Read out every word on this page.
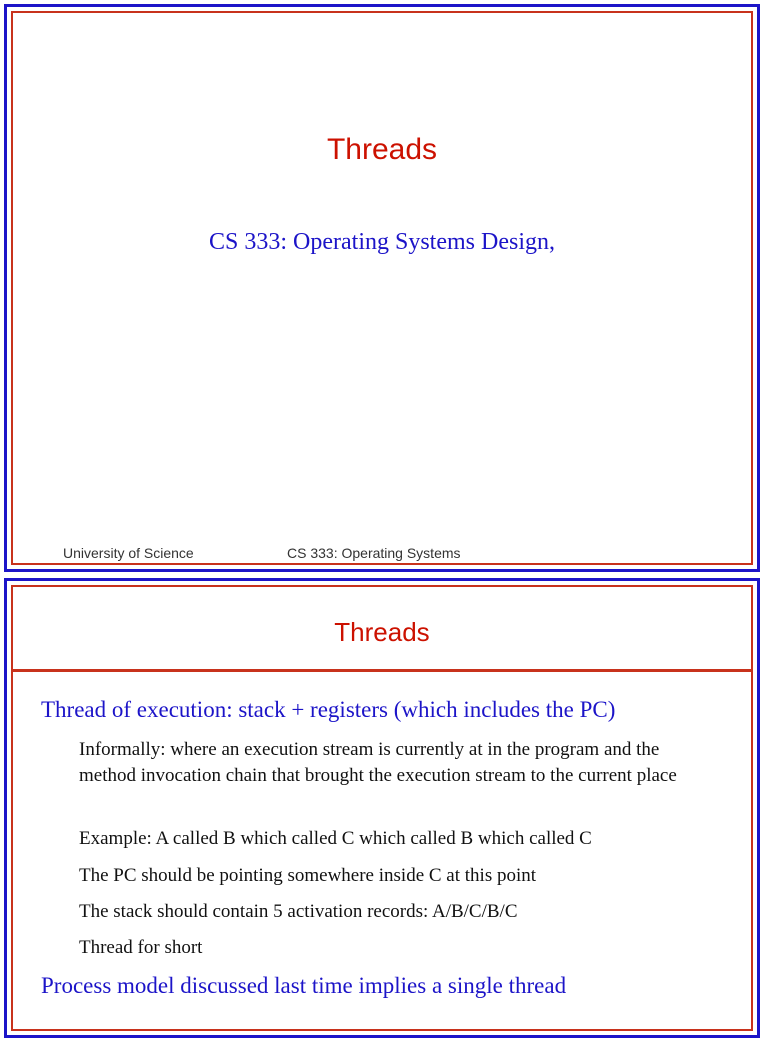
Threads
CS 333: Operating Systems Design,
University of Science	CS 333: Operating Systems
Threads
Thread of execution: stack + registers (which includes the PC)
Informally: where an execution stream is currently at in the program and the method invocation chain that brought the execution stream to the current place
Example: A called B which called C which called B which called C
The PC should be pointing somewhere inside C at this point
The stack should contain 5 activation records: A/B/C/B/C
Thread for short
Process model discussed last time implies a single thread
